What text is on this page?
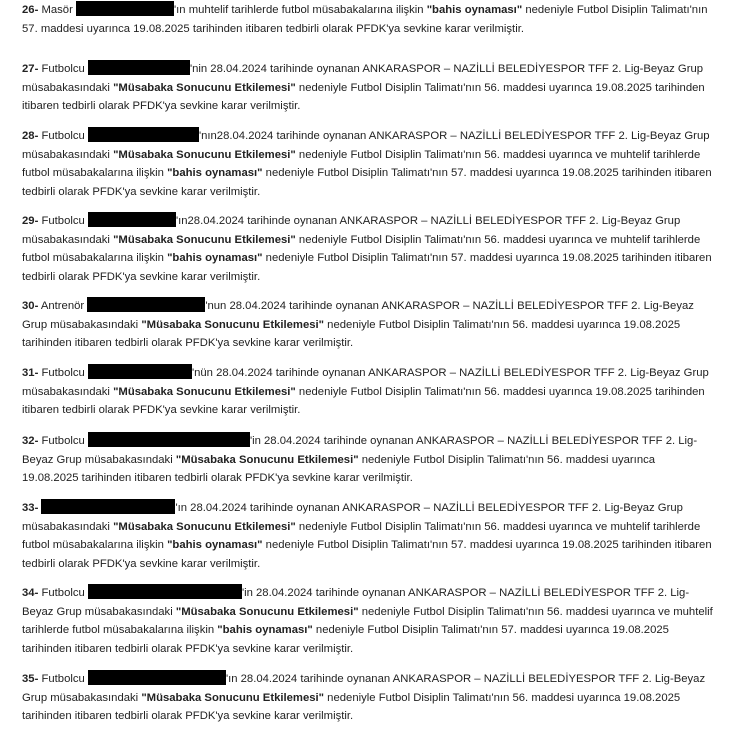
26- Masör	'ın muhtelif tarihlerde futbol müsabakalarına ilişkin "bahis oynaması" nedeniyle Futbol Disiplin Talimatı'nın 57. maddesi uyarınca 19.08.2025 tarihinden itibaren tedbirli olarak PFDK'ya sevkine karar verilmiştir.

27- Futbolcu	'nin 28.04.2024 tarihinde oynanan ANKARASPOR – NAZİLLİ BELEDİYESPOR TFF 2. Lig-Beyaz Grup müsabakasındaki "Müsabaka Sonucunu Etkilemesi" nedeniyle Futbol Disiplin Talimatı'nın 56. maddesi uyarınca 19.08.2025 tarihinden itibaren tedbirli olarak PFDK'ya sevkine karar verilmiştir.

28- Futbolcu	'nın28.04.2024 tarihinde oynanan ANKARASPOR – NAZİLLİ BELEDİYESPOR TFF 2. Lig-Beyaz Grup müsabakasındaki "Müsabaka Sonucunu Etkilemesi" nedeniyle Futbol Disiplin Talimatı'nın 56. maddesi uyarınca ve muhtelif tarihlerde futbol müsabakalarına ilişkin "bahis oynaması" nedeniyle Futbol Disiplin Talimatı'nın 57. maddesi uyarınca 19.08.2025 tarihinden itibaren tedbirli olarak PFDK'ya sevkine karar verilmiştir.

29- Futbolcu	'ın28.04.2024 tarihinde oynanan ANKARASPOR – NAZİLLİ BELEDİYESPOR TFF 2. Lig-Beyaz Grup müsabakasındaki "Müsabaka Sonucunu Etkilemesi" nedeniyle Futbol Disiplin Talimatı'nın 56. maddesi uyarınca ve muhtelif tarihlerde futbol müsabakalarına ilişkin "bahis oynaması" nedeniyle Futbol Disiplin Talimatı'nın 57. maddesi uyarınca 19.08.2025 tarihinden itibaren tedbirli olarak PFDK'ya sevkine karar verilmiştir.

30- Antrenör	'nun 28.04.2024 tarihinde oynanan ANKARASPOR – NAZİLLİ BELEDİYESPOR TFF 2. Lig-Beyaz Grup müsabakasındaki "Müsabaka Sonucunu Etkilemesi" nedeniyle Futbol Disiplin Talimatı'nın 56. maddesi uyarınca 19.08.2025 tarihinden itibaren tedbirli olarak PFDK'ya sevkine karar verilmiştir.

31- Futbolcu	'nün 28.04.2024 tarihinde oynanan ANKARASPOR – NAZİLLİ BELEDİYESPOR TFF 2. Lig-Beyaz Grup müsabakasındaki "Müsabaka Sonucunu Etkilemesi" nedeniyle Futbol Disiplin Talimatı'nın 56. maddesi uyarınca 19.08.2025 tarihinden itibaren tedbirli olarak PFDK'ya sevkine karar verilmiştir.

32- Futbolcu	'in 28.04.2024 tarihinde oynanan ANKARASPOR – NAZİLLİ BELEDİYESPOR TFF 2. Lig-Beyaz Grup müsabakasındaki "Müsabaka Sonucunu Etkilemesi" nedeniyle Futbol Disiplin Talimatı'nın 56. maddesi uyarınca 19.08.2025 tarihinden itibaren tedbirli olarak PFDK'ya sevkine karar verilmiştir.

33-	'ın 28.04.2024 tarihinde oynanan ANKARASPOR – NAZİLLİ BELEDİYESPOR TFF 2. Lig-Beyaz Grup müsabakasındaki "Müsabaka Sonucunu Etkilemesi" nedeniyle Futbol Disiplin Talimatı'nın 56. maddesi uyarınca ve muhtelif tarihlerde futbol müsabakalarına ilişkin "bahis oynaması" nedeniyle Futbol Disiplin Talimatı'nın 57. maddesi uyarınca 19.08.2025 tarihinden itibaren tedbirli olarak PFDK'ya sevkine karar verilmiştir.

34- Futbolcu	'in 28.04.2024 tarihinde oynanan ANKARASPOR – NAZİLLİ BELEDİYESPOR TFF 2. Lig-Beyaz Grup müsabakasındaki "Müsabaka Sonucunu Etkilemesi" nedeniyle Futbol Disiplin Talimatı'nın 56. maddesi uyarınca ve muhtelif tarihlerde futbol müsabakalarına ilişkin "bahis oynaması" nedeniyle Futbol Disiplin Talimatı'nın 57. maddesi uyarınca 19.08.2025 tarihinden itibaren tedbirli olarak PFDK'ya sevkine karar verilmiştir.

35- Futbolcu	'ın 28.04.2024 tarihinde oynanan ANKARASPOR – NAZİLLİ BELEDİYESPOR TFF 2. Lig-Beyaz Grup müsabakasındaki "Müsabaka Sonucunu Etkilemesi" nedeniyle Futbol Disiplin Talimatı'nın 56. maddesi uyarınca 19.08.2025 tarihinden itibaren tedbirli olarak PFDK'ya sevkine karar verilmiştir.
